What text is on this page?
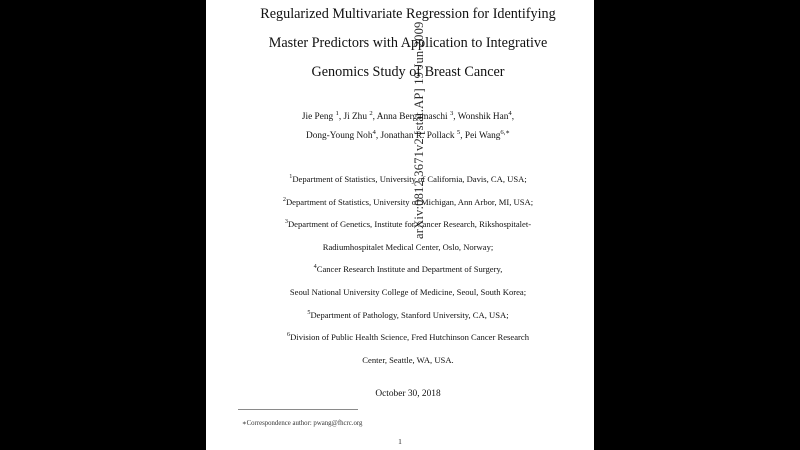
arXiv:0812.3671v2 [stat.AP] 19 Jun 2009
Regularized Multivariate Regression for Identifying
Master Predictors with Application to Integrative
Genomics Study of Breast Cancer
Jie Peng $^1$, Ji Zhu $^2$, Anna Bergamaschi $^3$, Wonshik Han$^4$,
Dong-Young Noh$^4$, Jonathan R. Pollack $^5$, Pei Wang$^{6,∗}$
$^1$Department of Statistics, University of California, Davis, CA, USA;
$^2$Department of Statistics, University of Michigan, Ann Arbor, MI, USA;
$^3$Department of Genetics, Institute for Cancer Research, Rikshospitalet-
Radiumhospitalet Medical Center, Oslo, Norway;
$^4$Cancer Research Institute and Department of Surgery,
Seoul National University College of Medicine, Seoul, South Korea;
$^5$Department of Pathology, Stanford University, CA, USA;
$^6$Division of Public Health Science, Fred Hutchinson Cancer Research
Center, Seattle, WA, USA.
October 30, 2018
∗Correspondence author: pwang@fhcrc.org
1
